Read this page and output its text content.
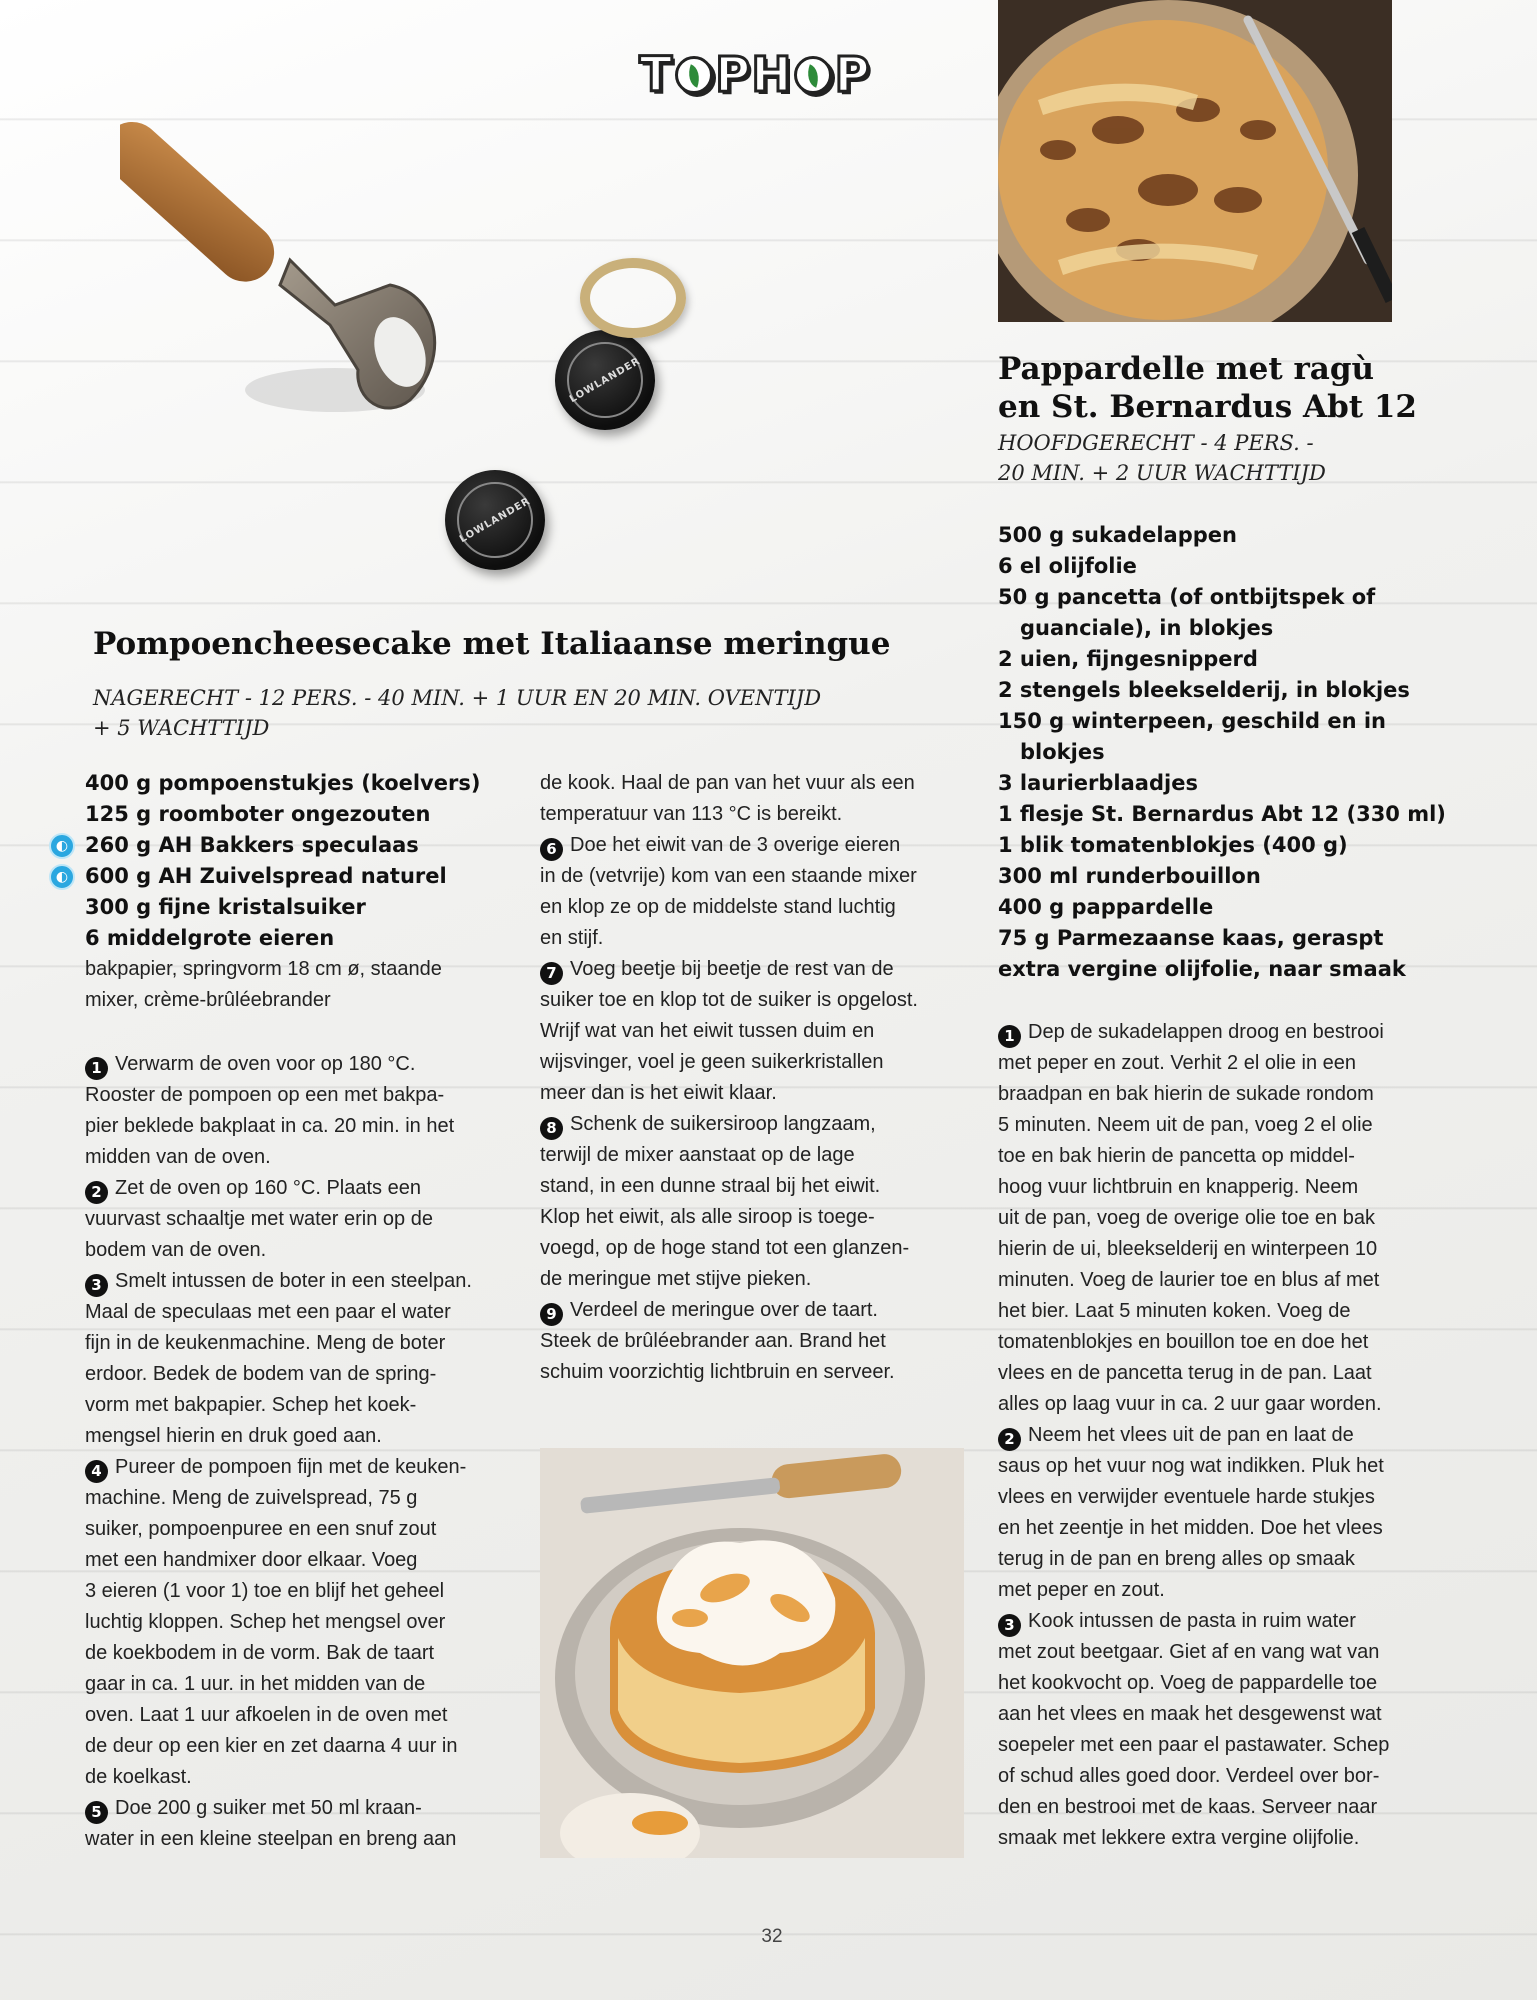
T PH P
LOWLANDER
LOWLANDER
Pompoencheesecake met Italiaanse meringue
NAGERECHT - 12 PERS. - 40 MIN. + 1 UUR EN 20 MIN. OVENTIJD
+ 5 WACHTTIJD
400 g pompoenstukjes (koelvers)
125 g roomboter ongezouten
◐ 260 g AH Bakkers speculaas
◐ 600 g AH Zuivelspread naturel
300 g fijne kristalsuiker
6 middelgrote eieren
bakpapier, springvorm 18 cm ø, staande
mixer, crème-brûléebrander
1 Verwarm de oven voor op 180 °C.
Rooster de pompoen op een met bakpa-
pier beklede bakplaat in ca. 20 min. in het
midden van de oven.
2 Zet de oven op 160 °C. Plaats een
vuurvast schaaltje met water erin op de
bodem van de oven.
3 Smelt intussen de boter in een steelpan.
Maal de speculaas met een paar el water
fijn in de keukenmachine. Meng de boter
erdoor. Bedek de bodem van de spring-
vorm met bakpapier. Schep het koek-
mengsel hierin en druk goed aan.
4 Pureer de pompoen fijn met de keuken-
machine. Meng de zuivelspread, 75 g
suiker, pompoenpuree en een snuf zout
met een handmixer door elkaar. Voeg
3 eieren (1 voor 1) toe en blijf het geheel
luchtig kloppen. Schep het mengsel over
de koekbodem in de vorm. Bak de taart
gaar in ca. 1 uur. in het midden van de
oven. Laat 1 uur afkoelen in de oven met
de deur op een kier en zet daarna 4 uur in
de koelkast.
5 Doe 200 g suiker met 50 ml kraan-
water in een kleine steelpan en breng aan
de kook. Haal de pan van het vuur als een
temperatuur van 113 °C is bereikt.
6 Doe het eiwit van de 3 overige eieren
in de (vetvrije) kom van een staande mixer
en klop ze op de middelste stand luchtig
en stijf.
7 Voeg beetje bij beetje de rest van de
suiker toe en klop tot de suiker is opgelost.
Wrijf wat van het eiwit tussen duim en
wijsvinger, voel je geen suikerkristallen
meer dan is het eiwit klaar.
8 Schenk de suikersiroop langzaam,
terwijl de mixer aanstaat op de lage
stand, in een dunne straal bij het eiwit.
Klop het eiwit, als alle siroop is toege-
voegd, op de hoge stand tot een glanzen-
de meringue met stijve pieken.
9 Verdeel de meringue over de taart.
Steek de brûléebrander aan. Brand het
schuim voorzichtig lichtbruin en serveer.
Pappardelle met ragù
en St. Bernardus Abt 12
HOOFDGERECHT - 4 PERS. -
20 MIN. + 2 UUR WACHTTIJD
500 g sukadelappen
6 el olijfolie
50 g pancetta (of ontbijtspek of
guanciale), in blokjes
2 uien, fijngesnipperd
2 stengels bleekselderij, in blokjes
150 g winterpeen, geschild en in
blokjes
3 laurierblaadjes
1 flesje St. Bernardus Abt 12 (330 ml)
1 blik tomatenblokjes (400 g)
300 ml runderbouillon
400 g pappardelle
75 g Parmezaanse kaas, geraspt
extra vergine olijfolie, naar smaak
1 Dep de sukadelappen droog en bestrooi
met peper en zout. Verhit 2 el olie in een
braadpan en bak hierin de sukade rondom
5 minuten. Neem uit de pan, voeg 2 el olie
toe en bak hierin de pancetta op middel-
hoog vuur lichtbruin en knapperig. Neem
uit de pan, voeg de overige olie toe en bak
hierin de ui, bleekselderij en winterpeen 10
minuten. Voeg de laurier toe en blus af met
het bier. Laat 5 minuten koken. Voeg de
tomatenblokjes en bouillon toe en doe het
vlees en de pancetta terug in de pan. Laat
alles op laag vuur in ca. 2 uur gaar worden.
2 Neem het vlees uit de pan en laat de
saus op het vuur nog wat indikken. Pluk het
vlees en verwijder eventuele harde stukjes
en het zeentje in het midden. Doe het vlees
terug in de pan en breng alles op smaak
met peper en zout.
3 Kook intussen de pasta in ruim water
met zout beetgaar. Giet af en vang wat van
het kookvocht op. Voeg de pappardelle toe
aan het vlees en maak het desgewenst wat
soepeler met een paar el pastawater. Schep
of schud alles goed door. Verdeel over bor-
den en bestrooi met de kaas. Serveer naar
smaak met lekkere extra vergine olijfolie.
32
